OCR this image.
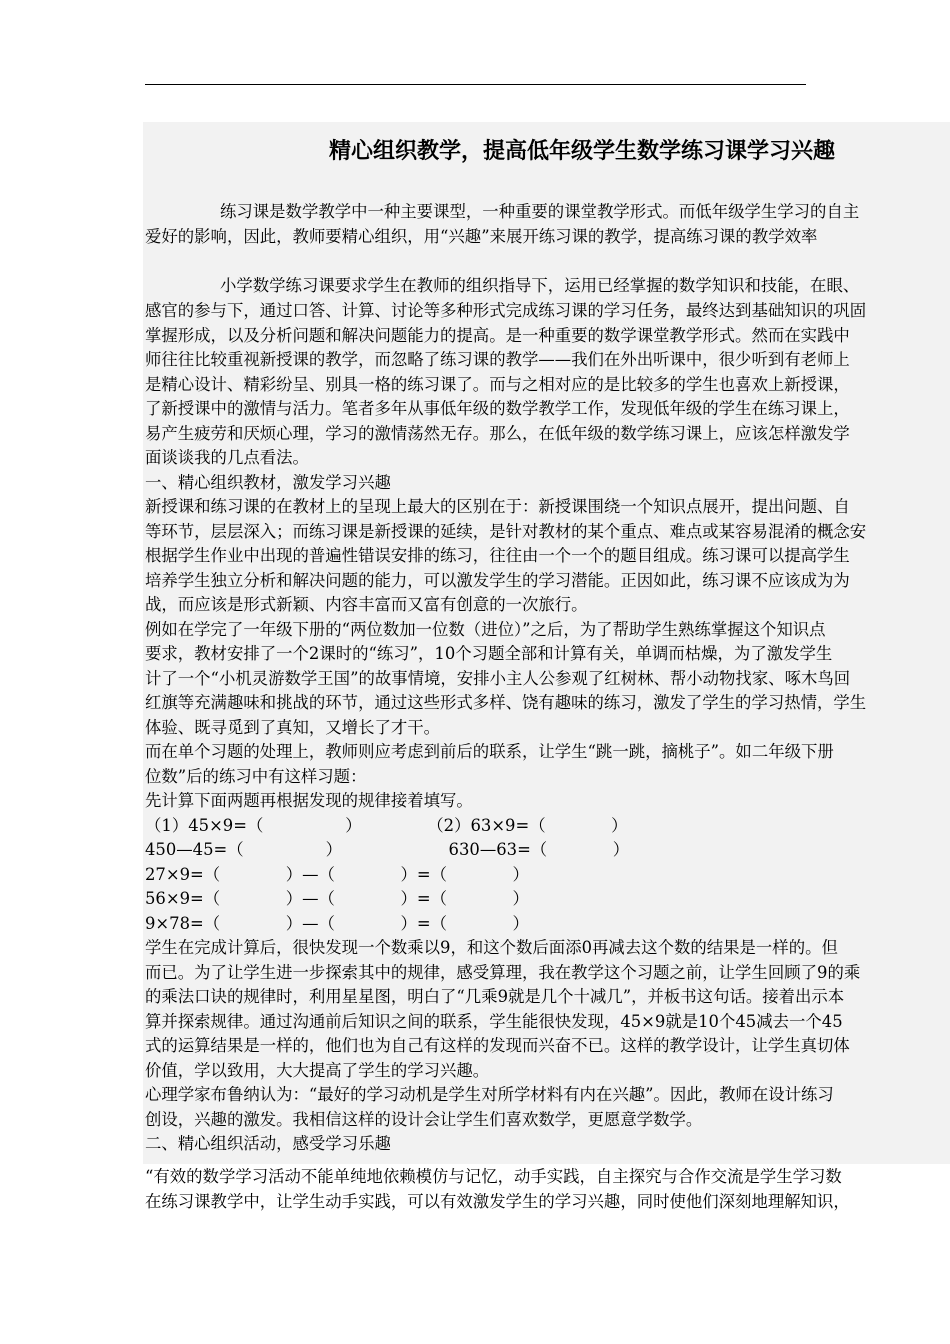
精心组织教学，提高低年级学生数学练习课学习兴趣
练习课是数学教学中一种主要课型，一种重要的课堂教学形式。而低年级学生学习的自主
爱好的影响，因此，教师要精心组织，用“兴趣”来展开练习课的教学，提高练习课的教学效率
小学数学练习课要求学生在教师的组织指导下，运用已经掌握的数学知识和技能，在眼、
感官的参与下，通过口答、计算、讨论等多种形式完成练习课的学习任务，最终达到基础知识的巩固
掌握形成，以及分析问题和解决问题能力的提高。是一种重要的数学课堂教学形式。然而在实践中
师往往比较重视新授课的教学，而忽略了练习课的教学——我们在外出听课中，很少听到有老师上
是精心设计、精彩纷呈、别具一格的练习课了。而与之相对应的是比较多的学生也喜欢上新授课，
了新授课中的激情与活力。笔者多年从事低年级的数学教学工作，发现低年级的学生在练习课上，
易产生疲劳和厌烦心理，学习的激情荡然无存。那么，在低年级的数学练习课上，应该怎样激发学
面谈谈我的几点看法。
一、精心组织教材，激发学习兴趣
新授课和练习课的在教材上的呈现上最大的区别在于：新授课围绕一个知识点展开，提出问题、自
等环节，层层深入；而练习课是新授课的延续，是针对教材的某个重点、难点或某容易混淆的概念安
根据学生作业中出现的普遍性错误安排的练习，往往由一个一个的题目组成。练习课可以提高学生
培养学生独立分析和解决问题的能力，可以激发学生的学习潜能。正因如此，练习课不应该成为为
战，而应该是形式新颖、内容丰富而又富有创意的一次旅行。
例如在学完了一年级下册的“两位数加一位数（进位）”之后，为了帮助学生熟练掌握这个知识点
要求，教材安排了一个2课时的“练习”，10个习题全部和计算有关，单调而枯燥，为了激发学生
计了一个“小机灵游数学王国”的故事情境，安排小主人公参观了红树林、帮小动物找家、啄木鸟回
红旗等充满趣味和挑战的环节，通过这些形式多样、饶有趣味的练习，激发了学生的学习热情，学生
体验、既寻觅到了真知，又增长了才干。
而在单个习题的处理上，教师则应考虑到前后的联系，让学生“跳一跳，摘桃子”。如二年级下册
位数”后的练习中有这样习题：
先计算下面两题再根据发现的规律接着填写。
（1）45×9=（　　　　　）　　　　　（2）63×9=（　　　　）
450—45=（　　　　　）　　　　　　　630—63=（　　　　）
27×9=（　　　　）—（　　　　）=（　　　　）
56×9=（　　　　）—（　　　　）=（　　　　）
9×78=（　　　　）—（　　　　）=（　　　　）
学生在完成计算后，很快发现一个数乘以9，和这个数后面添0再减去这个数的结果是一样的。但
而已。为了让学生进一步探索其中的规律，感受算理，我在教学这个习题之前，让学生回顾了9的乘
的乘法口诀的规律时，利用星星图，明白了“几乘9就是几个十减几”，并板书这句话。接着出示本
算并探索规律。通过沟通前后知识之间的联系，学生能很快发现，45×9就是10个45减去一个45
式的运算结果是一样的，他们也为自己有这样的发现而兴奋不已。这样的教学设计，让学生真切体
价值，学以致用，大大提高了学生的学习兴趣。
心理学家布鲁纳认为：“最好的学习动机是学生对所学材料有内在兴趣”。因此，教师在设计练习
创设，兴趣的激发。我相信这样的设计会让学生们喜欢数学，更愿意学数学。
二、精心组织活动，感受学习乐趣
“有效的数学学习活动不能单纯地依赖模仿与记忆，动手实践，自主探究与合作交流是学生学习数
在练习课教学中，让学生动手实践，可以有效激发学生的学习兴趣，同时使他们深刻地理解知识，
